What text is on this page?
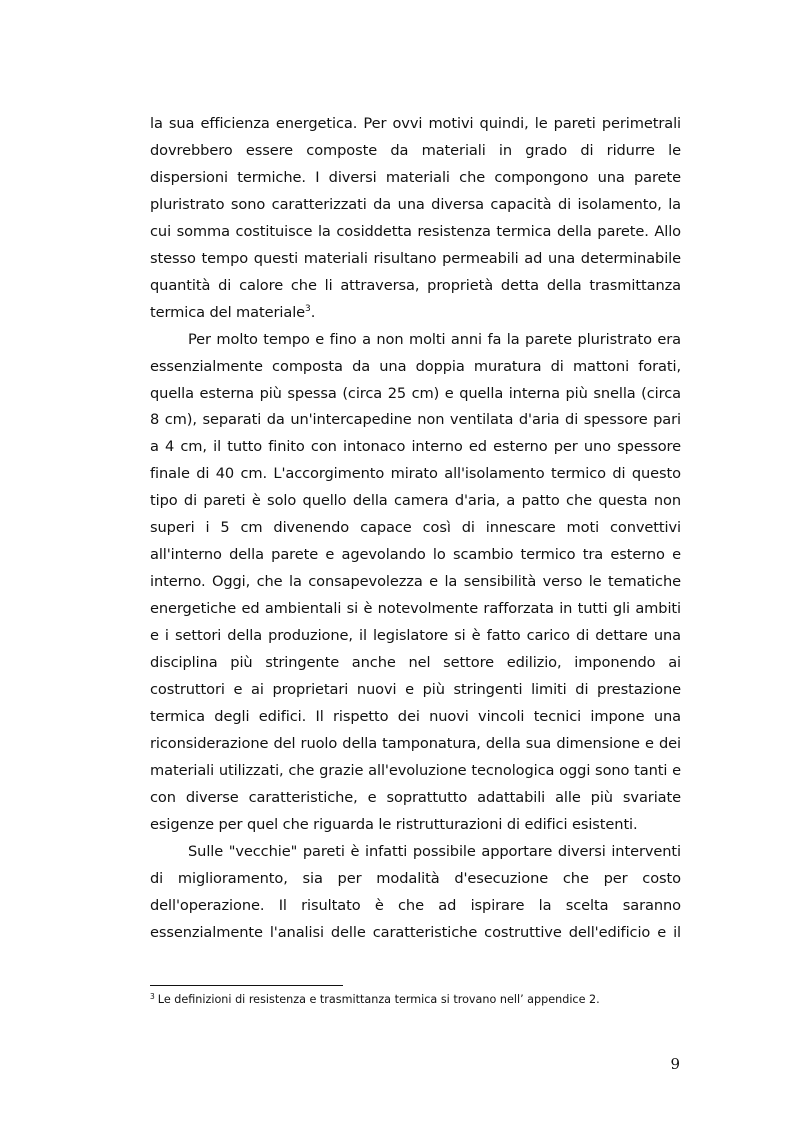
la sua efficienza energetica. Per ovvi motivi quindi, le pareti perimetrali dovrebbero essere composte da materiali in grado di ridurre le dispersioni termiche. I diversi materiali che compongono una parete pluristrato sono caratterizzati da una diversa capacità di isolamento, la cui somma costituisce la cosiddetta resistenza termica della parete. Allo stesso tempo questi materiali risultano permeabili ad una determinabile quantità di calore che li attraversa, proprietà detta della trasmittanza termica del materiale$^3$.

Per molto tempo e fino a non molti anni fa la parete pluristrato era essenzialmente composta da una doppia muratura di mattoni forati, quella esterna più spessa (circa 25 cm) e quella interna più snella (circa 8 cm), separati da un'intercapedine non ventilata d'aria di spessore pari a 4 cm, il tutto finito con intonaco interno ed esterno per uno spessore finale di 40 cm. L'accorgimento mirato all'isolamento termico di questo tipo di pareti è solo quello della camera d'aria, a patto che questa non superi i 5 cm divenendo capace così di innescare moti convettivi all'interno della parete e agevolando lo scambio termico tra esterno e interno. Oggi, che la consapevolezza e la sensibilità verso le tematiche energetiche ed ambientali si è notevolmente rafforzata in tutti gli ambiti e i settori della produzione, il legislatore si è fatto carico di dettare una disciplina più stringente anche nel settore edilizio, imponendo ai costruttori e ai proprietari nuovi e più stringenti limiti di prestazione termica degli edifici. Il rispetto dei nuovi vincoli tecnici impone una riconsiderazione del ruolo della tamponatura, della sua dimensione e dei materiali utilizzati, che grazie all'evoluzione tecnologica oggi sono tanti e con diverse caratteristiche, e soprattutto adattabili alle più svariate esigenze per quel che riguarda le ristrutturazioni di edifici esistenti.

Sulle "vecchie" pareti è infatti possibile apportare diversi interventi di miglioramento, sia per modalità d'esecuzione che per costo dell'operazione. Il risultato è che ad ispirare la scelta saranno essenzialmente l'analisi delle caratteristiche costruttive dell'edificio e il

$^3$ Le definizioni di resistenza e trasmittanza termica si trovano nell’ appendice 2.
9
